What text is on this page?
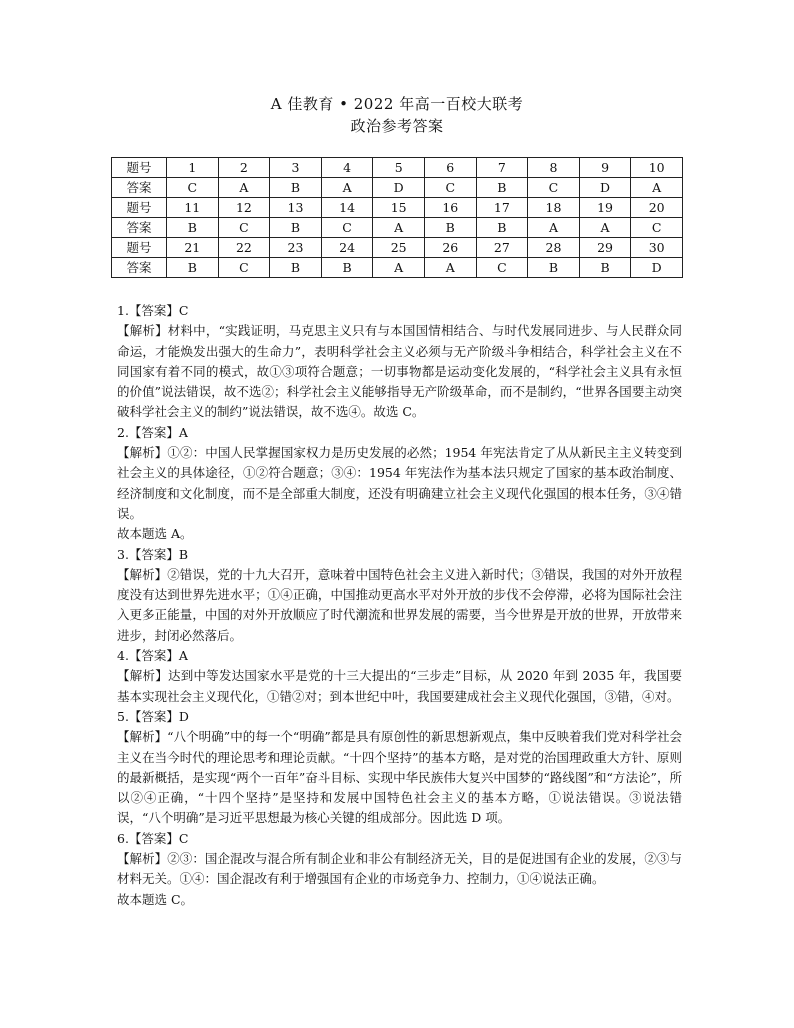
A 佳教育 • 2022 年高一百校大联考
政治参考答案
题号	1	2	3	4	5	6	7	8	9	10
答案	C	A	B	A	D	C	B	C	D	A
题号	11	12	13	14	15	16	17	18	19	20
答案	B	C	B	C	A	B	B	A	A	C
题号	21	22	23	24	25	26	27	28	29	30
答案	B	C	B	B	A	A	C	B	B	D

1.【答案】C

【解析】材料中，“实践证明，马克思主义只有与本国国情相结合、与时代发展同进步、与人民群众同命运，才能焕发出强大的生命力”，表明科学社会主义必须与无产阶级斗争相结合，科学社会主义在不同国家有着不同的模式，故①③项符合题意；一切事物都是运动变化发展的，“科学社会主义具有永恒的价值”说法错误，故不选②；科学社会主义能够指导无产阶级革命，而不是制约，“世界各国要主动突破科学社会主义的制约”说法错误，故不选④。故选 C。

2.【答案】A

【解析】①②：中国人民掌握国家权力是历史发展的必然；1954 年宪法肯定了从从新民主主义转变到社会主义的具体途径，①②符合题意；③④：1954 年宪法作为基本法只规定了国家的基本政治制度、经济制度和文化制度，而不是全部重大制度，还没有明确建立社会主义现代化强国的根本任务，③④错误。

故本题选 A。

3.【答案】B

【解析】②错误，党的十九大召开，意味着中国特色社会主义进入新时代；③错误，我国的对外开放程度没有达到世界先进水平；①④正确，中国推动更高水平对外开放的步伐不会停滞，必将为国际社会注入更多正能量，中国的对外开放顺应了时代潮流和世界发展的需要，当今世界是开放的世界，开放带来进步，封闭必然落后。

4.【答案】A

【解析】达到中等发达国家水平是党的十三大提出的“三步走”目标，从 2020 年到 2035 年，我国要基本实现社会主义现代化，①错②对；到本世纪中叶，我国要建成社会主义现代化强国，③错，④对。

5.【答案】D

【解析】“八个明确”中的每一个“明确”都是具有原创性的新思想新观点，集中反映着我们党对科学社会主义在当今时代的理论思考和理论贡献。“十四个坚持”的基本方略，是对党的治国理政重大方针、原则的最新概括，是实现“两个一百年”奋斗目标、实现中华民族伟大复兴中国梦的“路线图”和“方法论”，所以②④正确，“十四个坚持”是坚持和发展中国特色社会主义的基本方略，①说法错误。③说法错误，“八个明确”是习近平思想最为核心关键的组成部分。因此选 D 项。

6.【答案】C

【解析】②③：国企混改与混合所有制企业和非公有制经济无关，目的是促进国有企业的发展，②③与材料无关。①④：国企混改有利于增强国有企业的市场竞争力、控制力，①④说法正确。

故本题选 C。
